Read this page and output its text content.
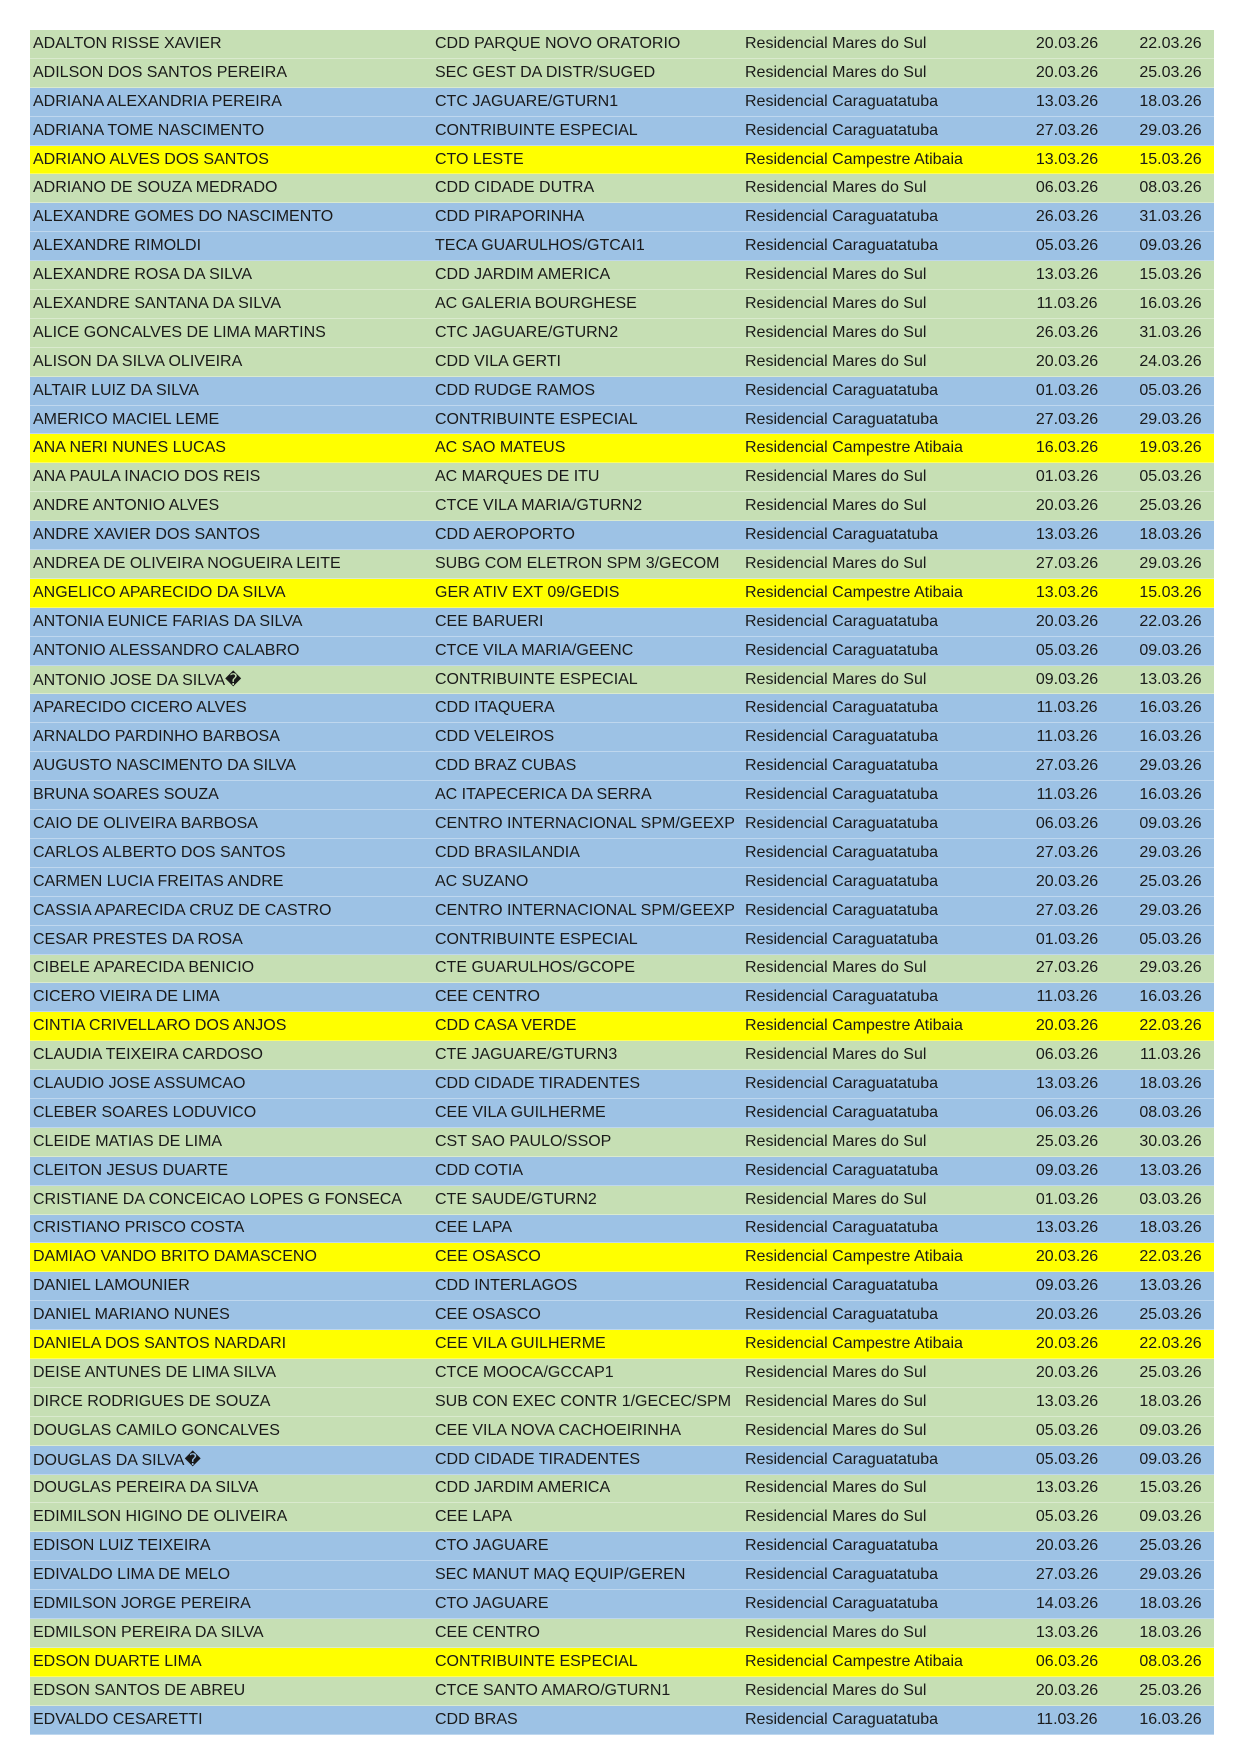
ADALTON RISSE XAVIER	CDD PARQUE NOVO ORATORIO	Residencial Mares do Sul	20.03.26	22.03.26
ADILSON DOS SANTOS PEREIRA	SEC GEST DA DISTR/SUGED	Residencial Mares do Sul	20.03.26	25.03.26
ADRIANA ALEXANDRIA PEREIRA	CTC JAGUARE/GTURN1	Residencial Caraguatatuba	13.03.26	18.03.26
ADRIANA TOME NASCIMENTO	CONTRIBUINTE ESPECIAL	Residencial Caraguatatuba	27.03.26	29.03.26
ADRIANO ALVES DOS SANTOS	CTO LESTE	Residencial Campestre Atibaia	13.03.26	15.03.26
ADRIANO DE SOUZA MEDRADO	CDD CIDADE DUTRA	Residencial Mares do Sul	06.03.26	08.03.26
ALEXANDRE GOMES DO NASCIMENTO	CDD PIRAPORINHA	Residencial Caraguatatuba	26.03.26	31.03.26
ALEXANDRE RIMOLDI	TECA GUARULHOS/GTCAI1	Residencial Caraguatatuba	05.03.26	09.03.26
ALEXANDRE ROSA DA SILVA	CDD JARDIM AMERICA	Residencial Mares do Sul	13.03.26	15.03.26
ALEXANDRE SANTANA DA SILVA	AC GALERIA BOURGHESE	Residencial Mares do Sul	11.03.26	16.03.26
ALICE GONCALVES DE LIMA MARTINS	CTC JAGUARE/GTURN2	Residencial Mares do Sul	26.03.26	31.03.26
ALISON DA SILVA OLIVEIRA	CDD VILA GERTI	Residencial Mares do Sul	20.03.26	24.03.26
ALTAIR LUIZ DA SILVA	CDD RUDGE RAMOS	Residencial Caraguatatuba	01.03.26	05.03.26
AMERICO MACIEL LEME	CONTRIBUINTE ESPECIAL	Residencial Caraguatatuba	27.03.26	29.03.26
ANA NERI NUNES LUCAS	AC SAO MATEUS	Residencial Campestre Atibaia	16.03.26	19.03.26
ANA PAULA INACIO DOS REIS	AC MARQUES DE ITU	Residencial Mares do Sul	01.03.26	05.03.26
ANDRE ANTONIO ALVES	CTCE VILA MARIA/GTURN2	Residencial Mares do Sul	20.03.26	25.03.26
ANDRE XAVIER DOS SANTOS	CDD AEROPORTO	Residencial Caraguatatuba	13.03.26	18.03.26
ANDREA DE OLIVEIRA NOGUEIRA LEITE	SUBG COM ELETRON SPM 3/GECOM	Residencial Mares do Sul	27.03.26	29.03.26
ANGELICO APARECIDO DA SILVA	GER ATIV EXT 09/GEDIS	Residencial Campestre Atibaia	13.03.26	15.03.26
ANTONIA EUNICE FARIAS DA SILVA	CEE BARUERI	Residencial Caraguatatuba	20.03.26	22.03.26
ANTONIO ALESSANDRO CALABRO	CTCE VILA MARIA/GEENC	Residencial Caraguatatuba	05.03.26	09.03.26
ANTONIO JOSE DA SILVA�	CONTRIBUINTE ESPECIAL	Residencial Mares do Sul	09.03.26	13.03.26
APARECIDO CICERO ALVES	CDD ITAQUERA	Residencial Caraguatatuba	11.03.26	16.03.26
ARNALDO PARDINHO BARBOSA	CDD VELEIROS	Residencial Caraguatatuba	11.03.26	16.03.26
AUGUSTO NASCIMENTO DA SILVA	CDD BRAZ CUBAS	Residencial Caraguatatuba	27.03.26	29.03.26
BRUNA SOARES SOUZA	AC ITAPECERICA DA SERRA	Residencial Caraguatatuba	11.03.26	16.03.26
CAIO DE OLIVEIRA BARBOSA	CENTRO INTERNACIONAL SPM/GEEXP Residencial Caraguatatuba	06.03.26	09.03.26
CARLOS ALBERTO DOS SANTOS	CDD BRASILANDIA	Residencial Caraguatatuba	27.03.26	29.03.26
CARMEN LUCIA FREITAS ANDRE	AC SUZANO	Residencial Caraguatatuba	20.03.26	25.03.26
CASSIA APARECIDA CRUZ DE CASTRO	CENTRO INTERNACIONAL SPM/GEEXP Residencial Caraguatatuba	27.03.26	29.03.26
CESAR PRESTES DA ROSA	CONTRIBUINTE ESPECIAL	Residencial Caraguatatuba	01.03.26	05.03.26
CIBELE APARECIDA BENICIO	CTE GUARULHOS/GCOPE	Residencial Mares do Sul	27.03.26	29.03.26
CICERO VIEIRA DE LIMA	CEE CENTRO	Residencial Caraguatatuba	11.03.26	16.03.26
CINTIA CRIVELLARO DOS ANJOS	CDD CASA VERDE	Residencial Campestre Atibaia	20.03.26	22.03.26
CLAUDIA TEIXEIRA CARDOSO	CTE JAGUARE/GTURN3	Residencial Mares do Sul	06.03.26	11.03.26
CLAUDIO JOSE ASSUMCAO	CDD CIDADE TIRADENTES	Residencial Caraguatatuba	13.03.26	18.03.26
CLEBER SOARES LODUVICO	CEE VILA GUILHERME	Residencial Caraguatatuba	06.03.26	08.03.26
CLEIDE MATIAS DE LIMA	CST SAO PAULO/SSOP	Residencial Mares do Sul	25.03.26	30.03.26
CLEITON JESUS DUARTE	CDD COTIA	Residencial Caraguatatuba	09.03.26	13.03.26
CRISTIANE DA CONCEICAO LOPES G FONSECA	CTE SAUDE/GTURN2	Residencial Mares do Sul	01.03.26	03.03.26
CRISTIANO PRISCO COSTA	CEE LAPA	Residencial Caraguatatuba	13.03.26	18.03.26
DAMIAO VANDO BRITO DAMASCENO	CEE OSASCO	Residencial Campestre Atibaia	20.03.26	22.03.26
DANIEL LAMOUNIER	CDD INTERLAGOS	Residencial Caraguatatuba	09.03.26	13.03.26
DANIEL MARIANO NUNES	CEE OSASCO	Residencial Caraguatatuba	20.03.26	25.03.26
DANIELA DOS SANTOS NARDARI	CEE VILA GUILHERME	Residencial Campestre Atibaia	20.03.26	22.03.26
DEISE ANTUNES DE LIMA SILVA	CTCE MOOCA/GCCAP1	Residencial Mares do Sul	20.03.26	25.03.26
DIRCE RODRIGUES DE SOUZA	SUB CON EXEC CONTR 1/GECEC/SPM Residencial Mares do Sul	13.03.26	18.03.26
DOUGLAS CAMILO GONCALVES	CEE VILA NOVA CACHOEIRINHA	Residencial Mares do Sul	05.03.26	09.03.26
DOUGLAS DA SILVA�	CDD CIDADE TIRADENTES	Residencial Caraguatatuba	05.03.26	09.03.26
DOUGLAS PEREIRA DA SILVA	CDD JARDIM AMERICA	Residencial Mares do Sul	13.03.26	15.03.26
EDIMILSON HIGINO DE OLIVEIRA	CEE LAPA	Residencial Mares do Sul	05.03.26	09.03.26
EDISON LUIZ TEIXEIRA	CTO JAGUARE	Residencial Caraguatatuba	20.03.26	25.03.26
EDIVALDO LIMA DE MELO	SEC MANUT MAQ EQUIP/GEREN	Residencial Caraguatatuba	27.03.26	29.03.26
EDMILSON JORGE PEREIRA	CTO JAGUARE	Residencial Caraguatatuba	14.03.26	18.03.26
EDMILSON PEREIRA DA SILVA	CEE CENTRO	Residencial Mares do Sul	13.03.26	18.03.26
EDSON DUARTE LIMA	CONTRIBUINTE ESPECIAL	Residencial Campestre Atibaia	06.03.26	08.03.26
EDSON SANTOS DE ABREU	CTCE SANTO AMARO/GTURN1	Residencial Mares do Sul	20.03.26	25.03.26
EDVALDO CESARETTI	CDD BRAS	Residencial Caraguatatuba	11.03.26	16.03.26
